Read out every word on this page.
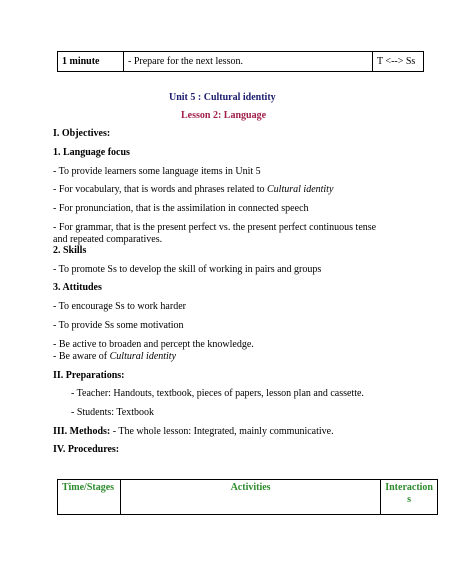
1 minute	- Prepare for the next lesson.	T <--> Ss
Unit 5 : Cultural identity
Lesson 2: Language
I. Objectives:
1. Language focus
- To provide learners some language items in Unit 5
- For vocabulary, that is words and phrases related to Cultural identity
- For pronunciation, that is the assimilation in connected speech
- For grammar, that is the present perfect vs. the present perfect continuous tense
and repeated comparatives.
2. Skills
- To promote Ss to develop the skill of working in pairs and groups
3. Attitudes
- To encourage Ss to work harder
- To provide Ss some motivation
- Be active to broaden and percept the knowledge.
- Be aware of Cultural identity
II. Preparations:
- Teacher: Handouts, textbook, pieces of papers, lesson plan and cassette.
- Students: Textbook
III. Methods: - The whole lesson: Integrated, mainly communicative.
IV. Procedures:
Time/Stages	Activities	Interaction
s
